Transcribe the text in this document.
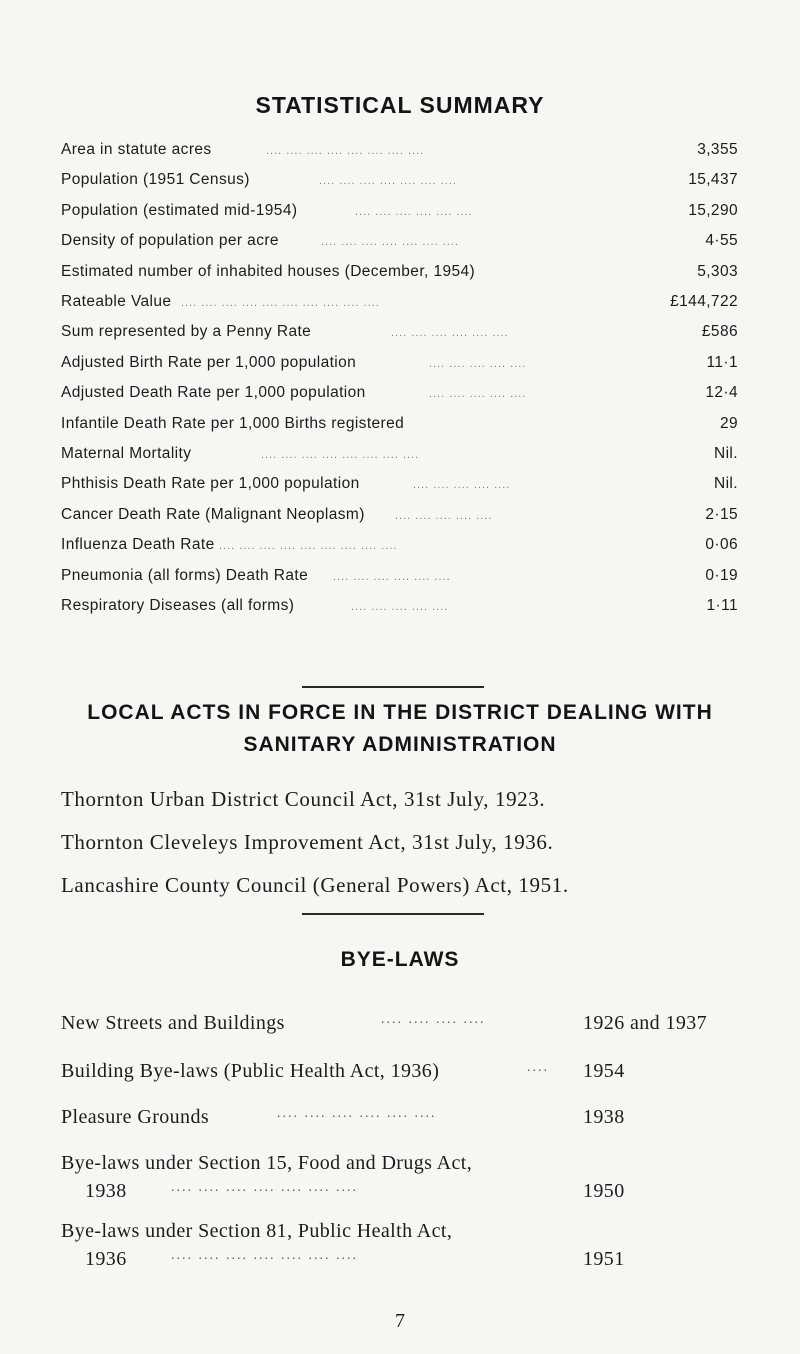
STATISTICAL SUMMARY
Area in statute acres	.... .... .... .... .... .... .... ....	3,355
Population (1951 Census)	.... .... .... .... .... .... ....	15,437
Population (estimated mid-1954)	.... .... .... .... .... ....	15,290
Density of population per acre	.... .... .... .... .... .... ....	4·55
Estimated number of inhabited houses (December, 1954)	5,303
Rateable Value .... .... .... .... .... .... .... .... .... ....	£144,722
Sum represented by a Penny Rate	.... .... .... .... .... ....	£586
Adjusted Birth Rate per 1,000 population	.... .... .... .... ....	11·1
Adjusted Death Rate per 1,000 population	.... .... .... .... ....	12·4
Infantile Death Rate per 1,000 Births registered	29
Maternal Mortality	.... .... .... .... .... .... .... ....	Nil.
Phthisis Death Rate per 1,000 population	.... .... .... .... ....	Nil.
Cancer Death Rate (Malignant Neoplasm)	.... .... .... .... ....	2·15
Influenza Death Rate .... .... .... .... .... .... .... .... ....	0·06
Pneumonia (all forms) Death Rate .... .... .... .... .... ....	0·19
Respiratory Diseases (all forms)	.... .... .... .... ....	1·11
LOCAL ACTS IN FORCE IN THE DISTRICT DEALING WITH
SANITARY ADMINISTRATION
Thornton Urban District Council Act, 31st July, 1923.
Thornton Cleveleys Improvement Act, 31st July, 1936.
Lancashire County Council (General Powers) Act, 1951.
BYE-LAWS
New Streets and Buildings	.... .... .... ....	1926 and 1937
Building Bye-laws (Public Health Act, 1936)	.... 1954
Pleasure Grounds	.... .... .... .... .... ....	1938
Bye-laws under Section 15, Food and Drugs Act,
1938	.... .... .... .... .... .... ....	1950
Bye-laws under Section 81, Public Health Act,
1936	.... .... .... .... .... .... ....	1951
7
